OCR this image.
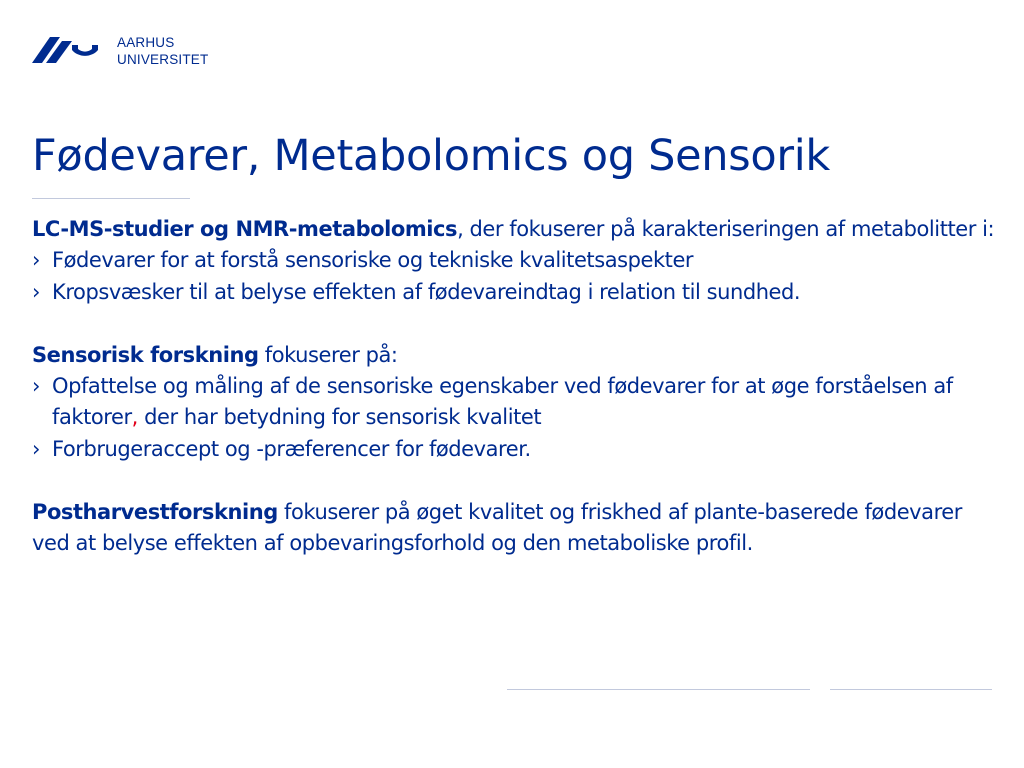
AARHUS
UNIVERSITET
Fødevarer, Metabolomics og Sensorik

LC-MS-studier og NMR-metabolomics, der fokuserer på karakteriseringen af metabolitter i:

› Fødevarer for at forstå sensoriske og tekniske kvalitetsaspekter
› Kropsvæsker til at belyse effekten af fødevareindtag i relation til sundhed.

Sensorisk forskning fokuserer på:

› Opfattelse og måling af de sensoriske egenskaber ved fødevarer for at øge forståelsen af faktorer, der har betydning for sensorisk kvalitet
› Forbrugeraccept og -præferencer for fødevarer.

Postharvestforskning fokuserer på øget kvalitet og friskhed af plante-baserede fødevarer ved at belyse effekten af opbevaringsforhold og den metaboliske profil.
